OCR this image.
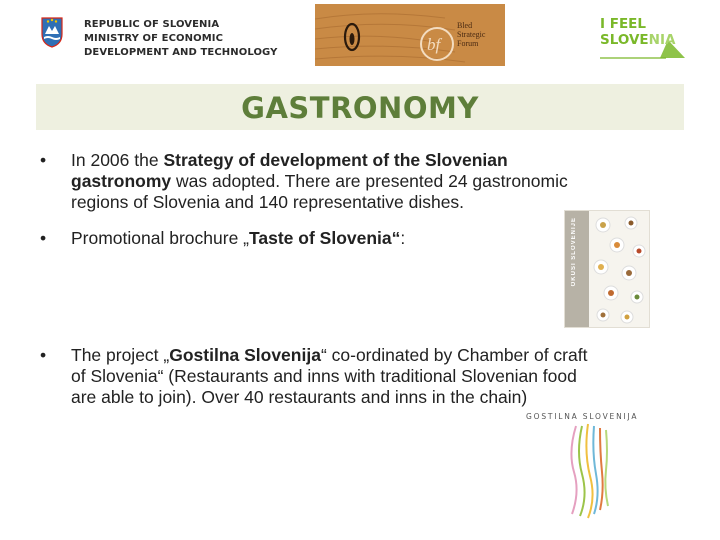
REPUBLIC OF SLOVENIA
MINISTRY OF ECONOMIC
DEVELOPMENT AND TECHNOLOGY	bf
Bled
Strategic
Forum
I FEEL
SLOVENIA
GASTRONOMY
• In 2006 the Strategy of development of the Slovenian
gastronomy was adopted. There are presented 24 gastronomic
regions of Slovenia and 140 representative dishes.
• Promotional brochure „Taste of Slovenia“:	OKUSI SLOVENIJE
• The project „Gostilna Slovenija“ co-ordinated by Chamber of craft
of Slovenia“ (Restaurants and inns with traditional Slovenian food
are able to join). Over 40 restaurants and inns in the chain)
GOSTILNA SLOVENIJA
